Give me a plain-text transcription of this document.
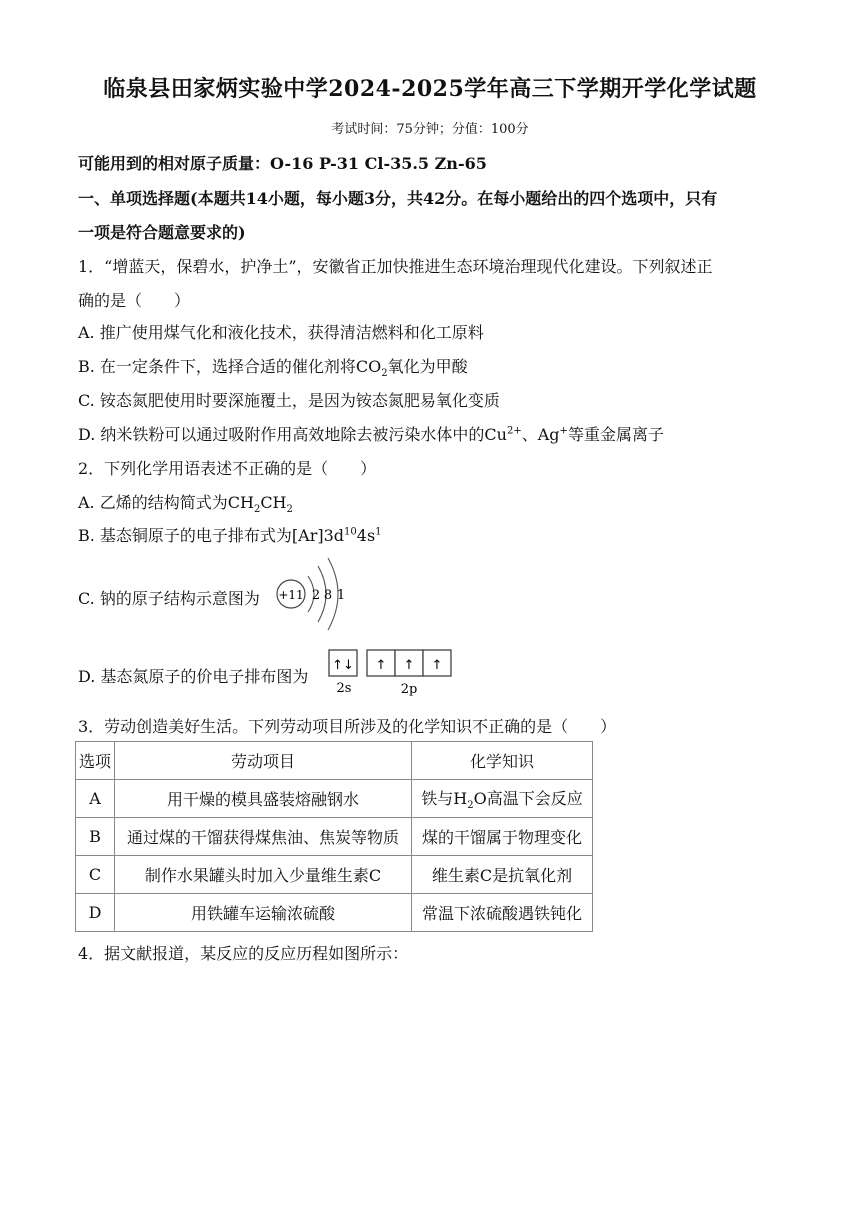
临泉县田家炳实验中学2024-2025学年高三下学期开学化学试题
考试时间：75分钟；分值：100分
可能用到的相对原子质量：O-16 P-31 Cl-35.5 Zn-65
一、单项选择题(本题共14小题，每小题3分，共42分。在每小题给出的四个选项中，只有
一项是符合题意要求的)
1．“增蓝天，保碧水，护净土”，安徽省正加快推进生态环境治理现代化建设。下列叙述正
确的是（　　）
A. 推广使用煤气化和液化技术，获得清洁燃料和化工原料
B. 在一定条件下，选择合适的催化剂将$CO_2$氧化为甲酸
C. 铵态氮肥使用时要深施覆土，是因为铵态氮肥易氧化变质
D. 纳米铁粉可以通过吸附作用高效地除去被污染水体中的$Cu^{2+}$、Ag+等重金属离子
2．下列化学用语表述不正确的是（　　）
A. 乙烯的结构简式为$CH_2CH_2$
B. 基态铜原子的电子排布式为$[Ar]3d^{10}4s^1$
C. 钠的原子结构示意图为 +11 2 8 1
D. 基态氮原子的价电子排布图为
↑↓ ↑ ↑ ↑
2s	2p
3．劳动创造美好生活。下列劳动项目所涉及的化学知识不正确的是（　　）
选项	劳动项目	化学知识
A	用干燥的模具盛装熔融钢水	铁与$H_2O$高温下会反应
B	通过煤的干馏获得煤焦油、焦炭等物质	煤的干馏属于物理变化
C	制作水果罐头时加入少量维生素C	维生素C是抗氧化剂
D	用铁罐车运输浓硫酸	常温下浓硫酸遇铁钝化
4．据文献报道，某反应的反应历程如图所示：
